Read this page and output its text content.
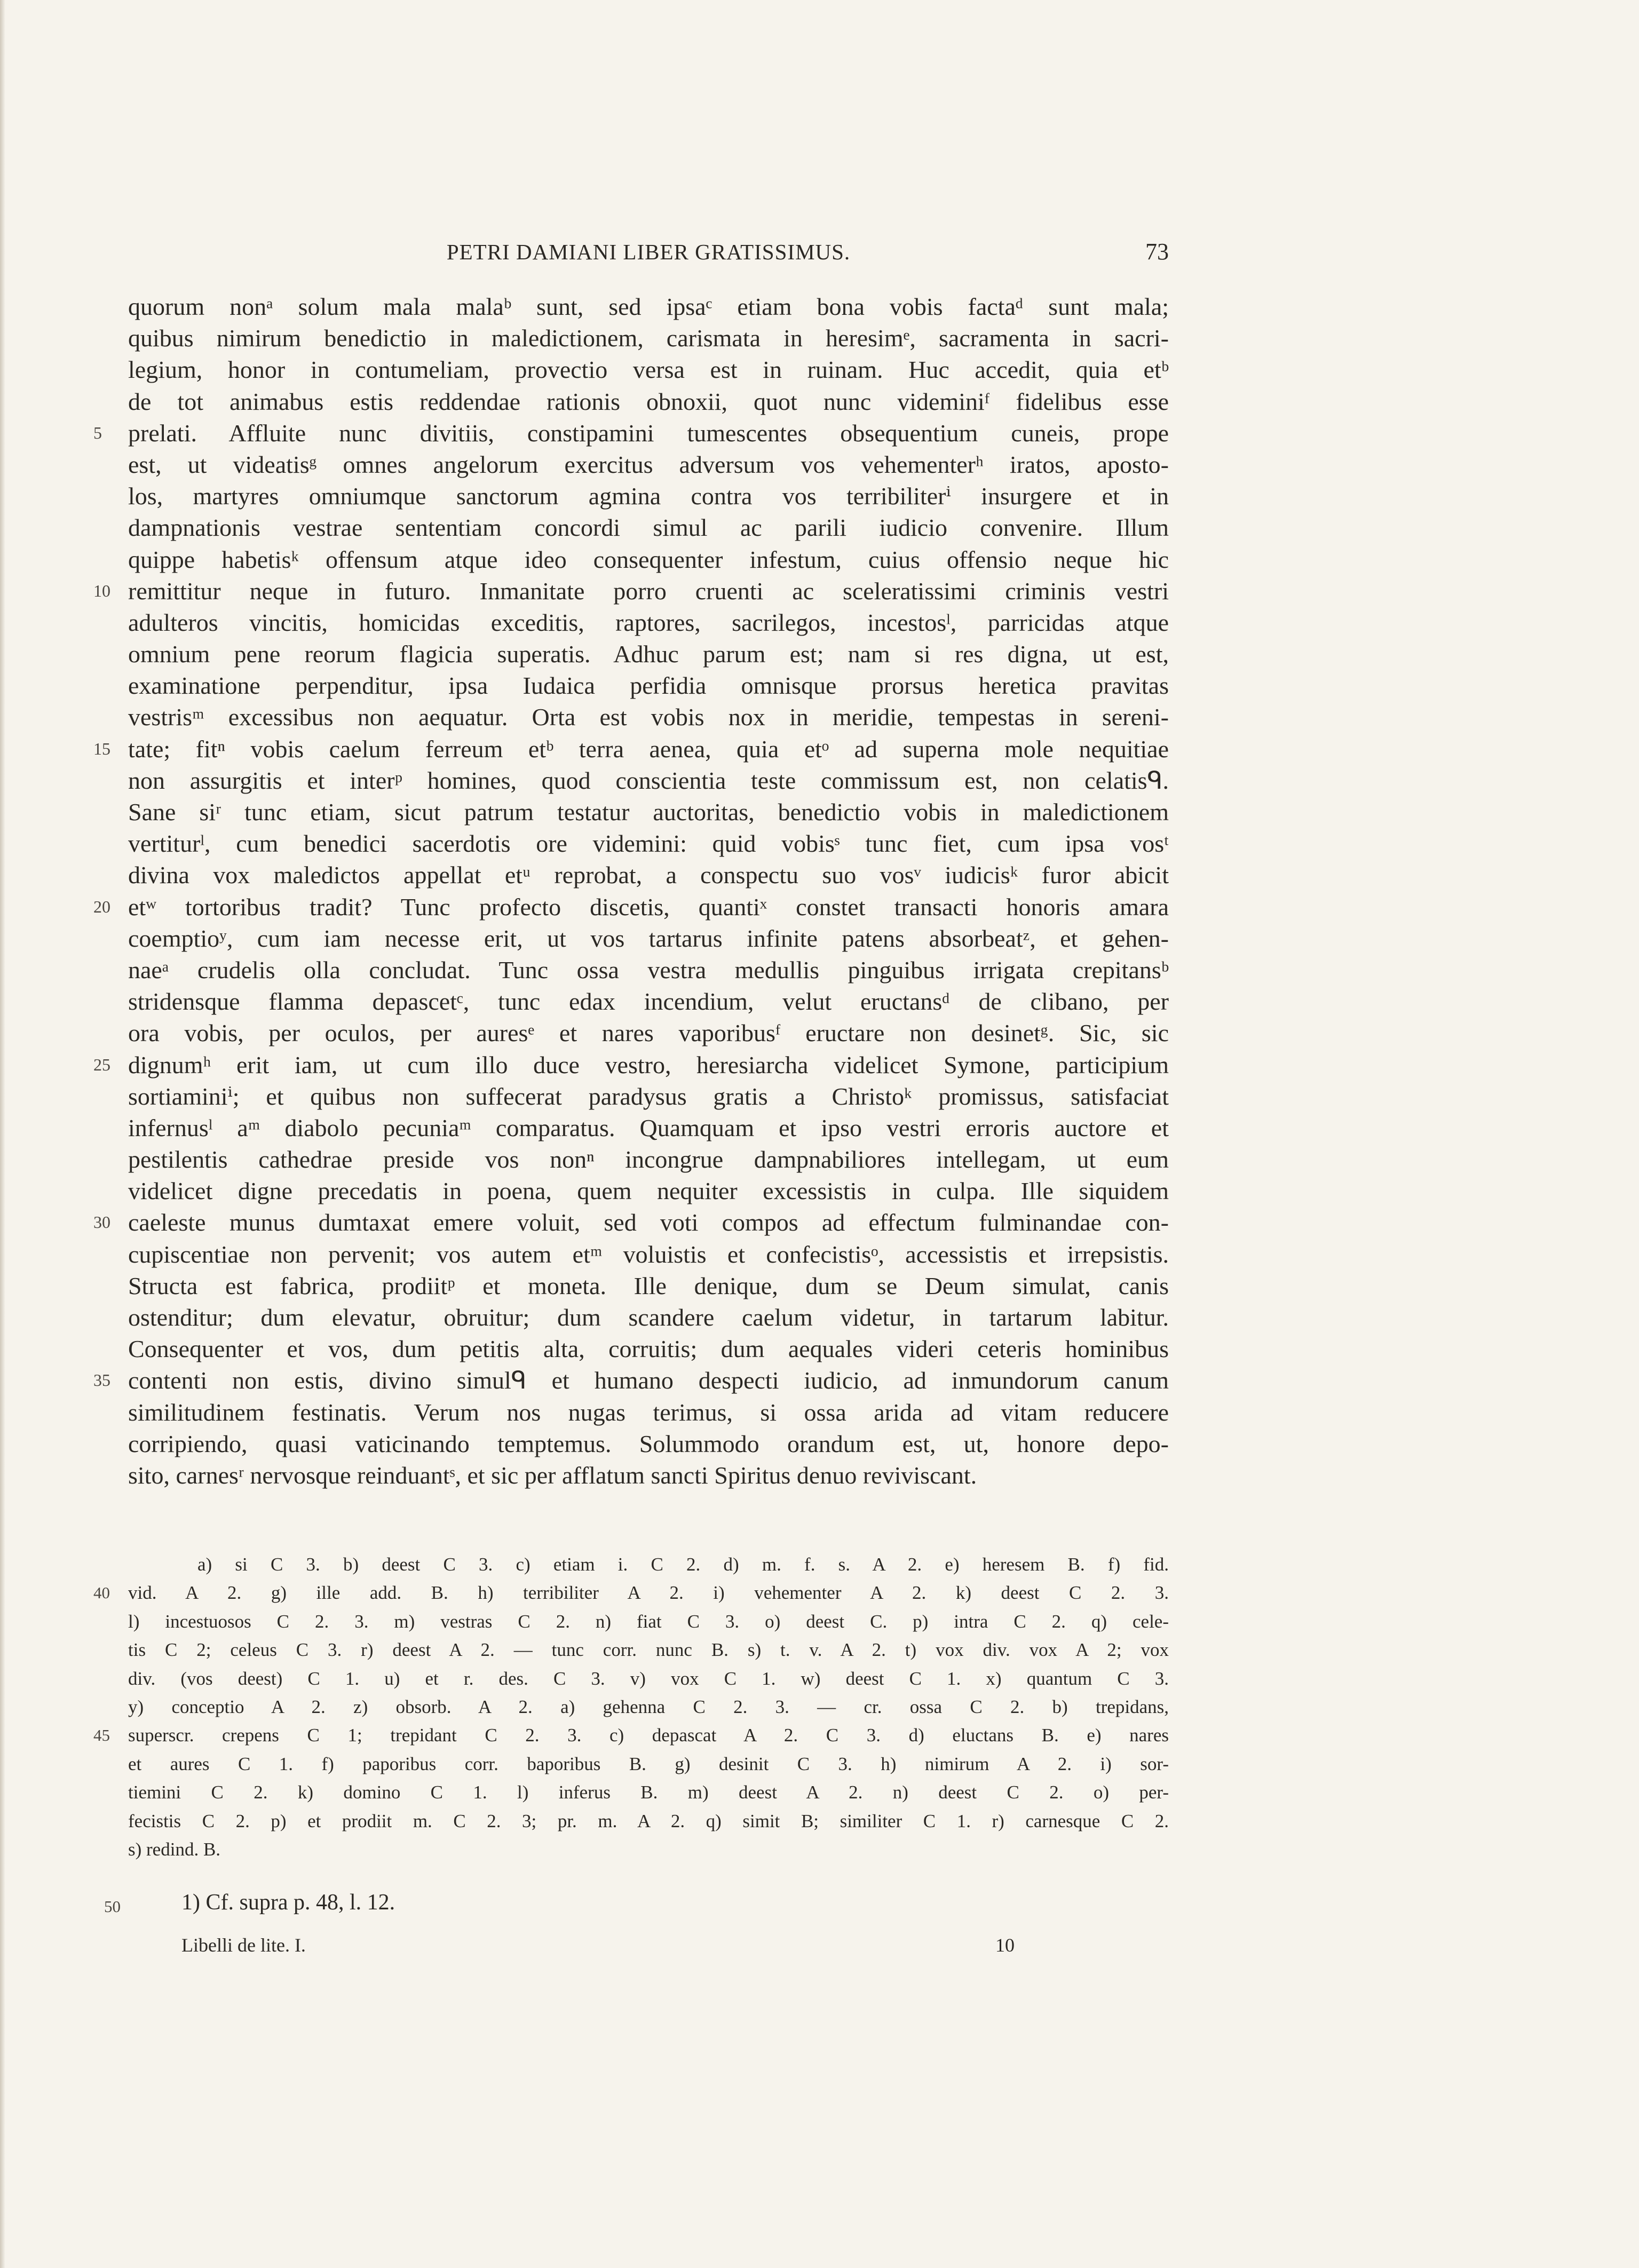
PETRI DAMIANI LIBER GRATISSIMUS.	73
quorum nonᵃ solum mala malaᵇ sunt, sed ipsaᶜ etiam bona vobis factaᵈ sunt mala;
quibus nimirum benedictio in maledictionem, carismata in heresimᵉ, sacramenta in sacri-
legium, honor in contumeliam, provectio versa est in ruinam. Huc accedit, quia etᵇ
de tot animabus estis reddendae rationis obnoxii, quot nunc videminiᶠ fidelibus esse
5 prelati. Affluite nunc divitiis, constipamini tumescentes obsequentium cuneis, prope
est, ut videatisᵍ omnes angelorum exercitus adversum vos vehementerʰ iratos, aposto-
los, martyres omniumque sanctorum agmina contra vos terribiliterⁱ insurgere et in
dampnationis vestrae sententiam concordi simul ac parili iudicio convenire. Illum
quippe habetisᵏ offensum atque ideo consequenter infestum, cuius offensio neque hic
10 remittitur neque in futuro. Inmanitate porro cruenti ac sceleratissimi criminis vestri
adulteros vincitis, homicidas exceditis, raptores, sacrilegos, incestosˡ, parricidas atque
omnium pene reorum flagicia superatis. Adhuc parum est; nam si res digna, ut est,
examinatione perpenditur, ipsa Iudaica perfidia omnisque prorsus heretica pravitas
vestrisᵐ excessibus non aequatur. Orta est vobis nox in meridie, tempestas in sereni-
15 tate; fitⁿ vobis caelum ferreum etᵇ terra aenea, quia etᵒ ad superna mole nequitiae
non assurgitis et interᵖ homines, quod conscientia teste commissum est, non celatisᑫ.
Sane siʳ tunc etiam, sicut patrum testatur auctoritas, benedictio vobis in maledictionem
vertiturˡ, cum benedici sacerdotis ore videmini: quid vobisˢ tunc fiet, cum ipsa vosᵗ
divina vox maledictos appellat etᵘ reprobat, a conspectu suo vosᵛ iudicisᵏ furor abicit
20 etʷ tortoribus tradit? Tunc profecto discetis, quantiˣ constet transacti honoris amara
coemptioʸ, cum iam necesse erit, ut vos tartarus infinite patens absorbeatᶻ, et gehen-
naeᵃ crudelis olla concludat. Tunc ossa vestra medullis pinguibus irrigata crepitansᵇ
stridensque flamma depascetᶜ, tunc edax incendium, velut eructansᵈ de clibano, per
ora vobis, per oculos, per auresᵉ et nares vaporibusᶠ eructare non desinetᵍ. Sic, sic
25 dignumʰ erit iam, ut cum illo duce vestro, heresiarcha videlicet Symone, participium
sortiaminiⁱ; et quibus non suffecerat paradysus gratis a Christoᵏ promissus, satisfaciat
infernusˡ aᵐ diabolo pecuniaᵐ comparatus. Quamquam et ipso vestri erroris auctore et
pestilentis cathedrae preside vos nonⁿ incongrue dampnabiliores intellegam, ut eum
videlicet digne precedatis in poena, quem nequiter excessistis in culpa. Ille siquidem
30 caeleste munus dumtaxat emere voluit, sed voti compos ad effectum fulminandae con-
cupiscentiae non pervenit; vos autem etᵐ voluistis et confecistisᵒ, accessistis et irrepsistis.
Structa est fabrica, prodiitᵖ et moneta. Ille denique, dum se Deum simulat, canis
ostenditur; dum elevatur, obruitur; dum scandere caelum videtur, in tartarum labitur.
Consequenter et vos, dum petitis alta, corruitis; dum aequales videri ceteris hominibus
35 contenti non estis, divino simulᑫ et humano despecti iudicio, ad inmundorum canum
similitudinem festinatis. Verum nos nugas terimus, si ossa arida ad vitam reducere
corripiendo, quasi vaticinando temptemus. Solummodo orandum est, ut, honore depo-
sito, carnesʳ nervosque reinduantˢ, et sic per afflatum sancti Spiritus denuo reviviscant.
a) si C 3. b) deest C 3. c) etiam i. C 2. d) m. f. s. A 2. e) heresem B. f) fid.
40 vid. A 2. g) ille add. B. h) terribiliter A 2. i) vehementer A 2. k) deest C 2. 3.
l) incestuosos C 2. 3. m) vestras C 2. n) fiat C 3. o) deest C. p) intra C 2. q) cele-
tis C 2; celeus C 3. r) deest A 2. — tunc corr. nunc B. s) t. v. A 2. t) vox div. vox A 2; vox
div. (vos deest) C 1. u) et r. des. C 3. v) vox C 1. w) deest C 1. x) quantum C 3.
y) conceptio A 2. z) obsorb. A 2. a) gehenna C 2. 3. — cr. ossa C 2. b) trepidans,
45 superscr. crepens C 1; trepidant C 2. 3. c) depascat A 2. C 3. d) eluctans B. e) nares
et aures C 1. f) paporibus corr. baporibus B. g) desinit C 3. h) nimirum A 2. i) sor-
tiemini C 2. k) domino C 1. l) inferus B. m) deest A 2. n) deest C 2. o) per-
fecistis C 2. p) et prodiit m. C 2. 3; pr. m. A 2. q) simit B; similiter C 1. r) carnesque C 2.
s) redind. B.
50	1) Cf. supra p. 48, l. 12.
Libelli de lite. I.	10
